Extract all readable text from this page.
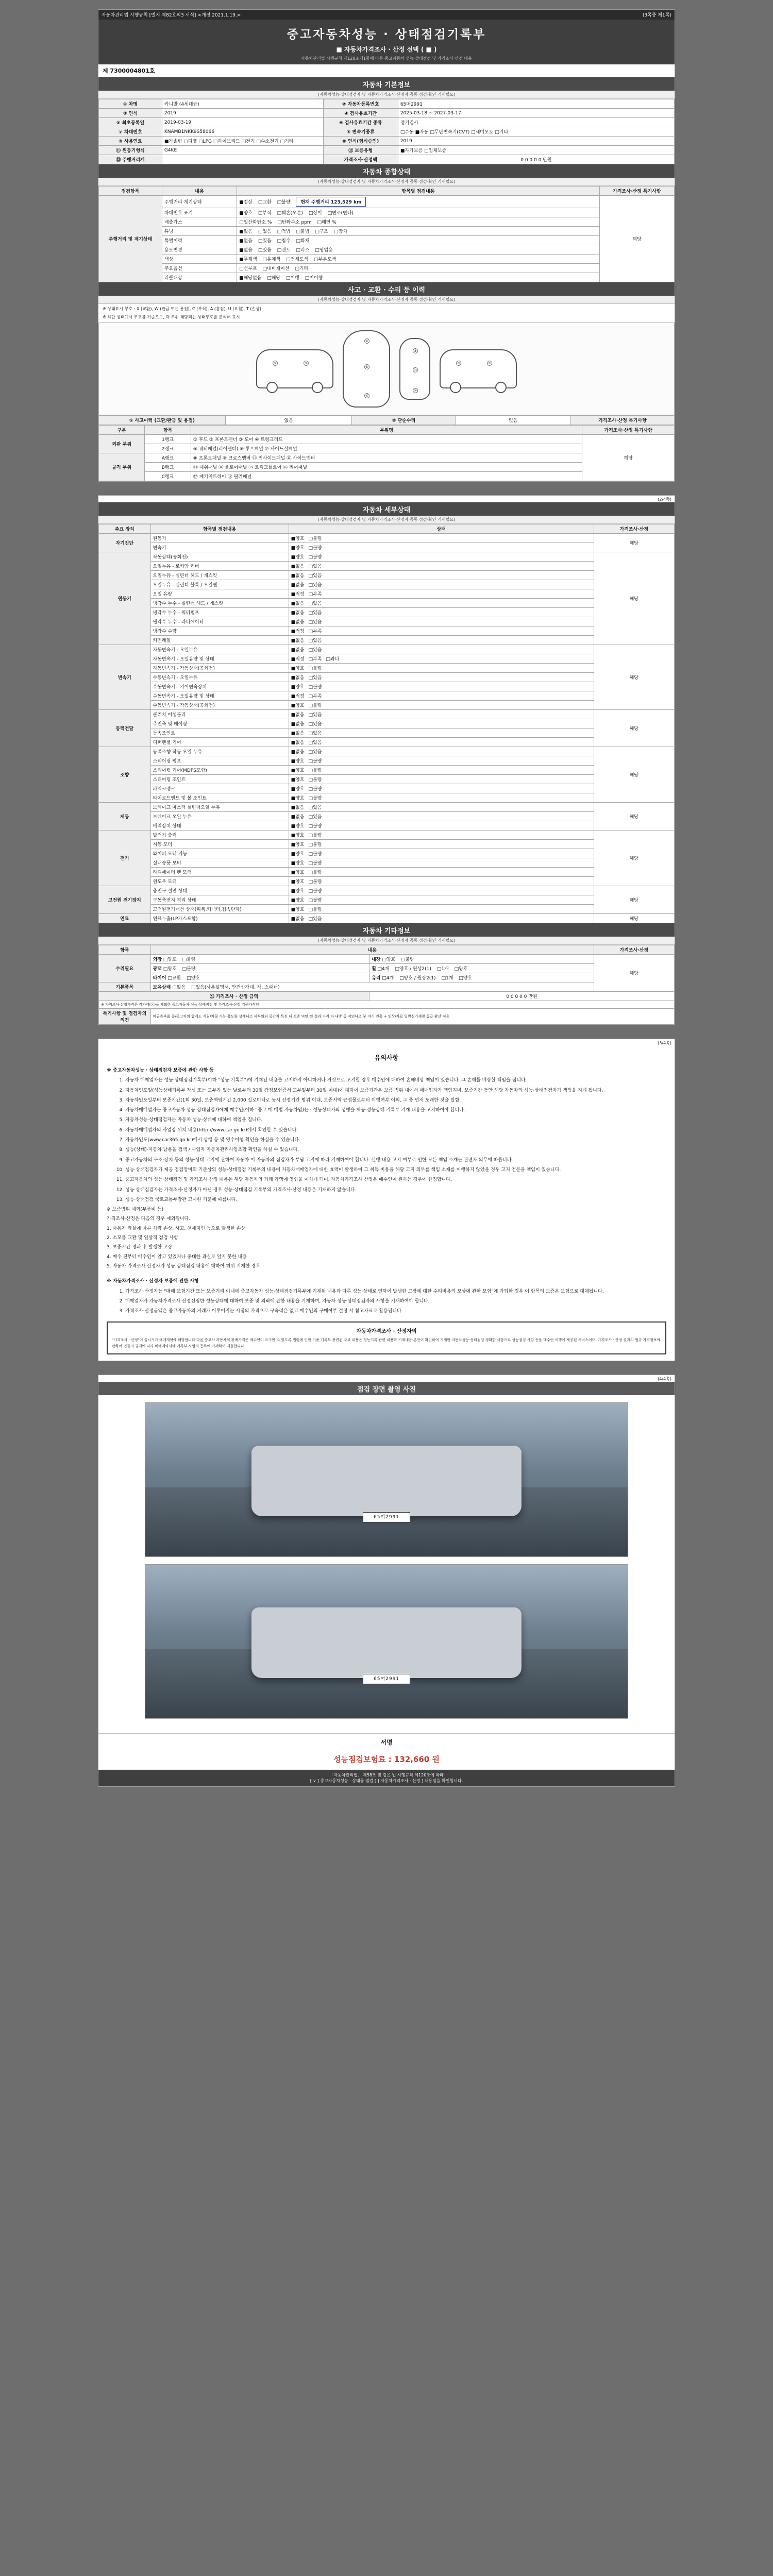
자동차관리법 시행규칙 [별지 제82호의3 서식] <개정 2021.1.19.>	(3쪽중 제1쪽)
중고자동차성능 · 상태점검기록부
■ 자동차가격조사 · 산정 선택 ( ■ )
자동차관리법 시행규칙 제120조제1항에 따른 중고자동차 성능·상태점검 및 가격조사·산정 내용
제 7300004801호
자동차 기본정보
(자동차성능·상태점검자 및 자동차가격조사·산정자 공통 점검·확인 기재필요)
① 차명	카니발 (4세대급)	② 자동차등록번호	65머2991
③ 연식	2019	④ 검사유효기간	2025-03-18 ~ 2027-03-17
⑤ 최초등록일	2019-03-19	⑥ 검사유효기간 종류	정기검사
⑦ 차대번호	KNAMB1NKK9S58066	⑧ 변속기종류	□수동 ■자동 □무단변속기(CVT) □세미오토 □기타
⑨ 사용연료	■가솔린 □디젤 □LPG □하이브리드 □전기 □수소전기 □기타	⑩ 연식(형식승인)	2019
⑪ 원동기형식	G4KE	⑫ 보증유형	■자가보증 □업체보증
⑬ 주행거리계		가격조사·산정액	0 0 0 0 0 만원
자동차 종합상태
(자동차성능·상태점검자 및 자동차가격조사·산정자 공통 점검·확인 기재필요)
점검항목	내용	항목별 점검내용	가격조사·산정 특기사항
주행거리 및 계기상태	주행거리 계기상태	■정상 □교환 □불량 현재 주행거리 123,529 km	해당
	차대번호 표기	■양호 □부식 □훼손(오손) □상이 □변조(변타)	
	배출가스	□일산화탄소 % □탄화수소 ppm □매연 %	
	튜닝	■없음 □있음 □적법 □불법 □구조 □장치	
	특별이력	■없음 □있음 □침수 □화재	
	용도변경	■없음 □있음 □렌트 □리스 □영업용	
	색상	■무채색 □유채색 □전체도색 □부분도색	
	주요옵션	□선루프 □내비게이션 □기타	
	리콜대상	■해당없음 □해당 □이행 □미이행	
사고 · 교환 · 수리 등 이력
(자동차성능·상태점검자 및 자동차가격조사·산정자 공통 점검·확인 기재필요)
※ 상태표시 부호 : X (교환), W (판금 또는 용접), C (부식), A (흠집), U (요철), T (손상)
※ 하단 상태표시 부호를 기준으로, 각 부위 해당되는 상태부호를 분석해 표시
③	⑤
①
⑥
④
⑧
⑭
⑯
③	⑤
① 사고이력 (교환/판금 및 용접)	없음	② 단순수리	없음	가격조사·산정 특기사항
구분	항목	부위명	가격조사·산정 특기사항
외판 부위	1랭크	① 후드 ② 프론트펜더 ③ 도어 ④ 트렁크리드	해당
	2랭크	⑤ 쿼터패널(리어펜더) ⑥ 루프패널 ⑦ 사이드실패널	
골격 부위	A랭크	⑧ 프론트패널 ⑨ 크로스멤버 ⑪ 인사이드패널 ⑫ 사이드멤버	
	B랭크	⑬ 대쉬패널 ⑭ 플로어패널 ⑮ 트렁크플로어 ⑯ 리어패널	
	C랭크	⑰ 패키지트레이 ⑱ 필러패널	
(2/4쪽)
자동차 세부상태
(자동차성능·상태점검자 및 자동차가격조사·산정자 공통 점검·확인 기재필요)
주요 장치	항목별 점검내용	상태	가격조사·산정
자기진단	원동기	■양호 □불량	해당
	변속기	■양호 □불량	
원동기	작동상태(공회전)	■양호 □불량	해당
	오일누유 - 로커암 커버	■없음 □있음	
	오일누유 - 실린더 헤드 / 개스킷	■없음 □있음	
	오일누유 - 실린더 블록 / 오일팬	■없음 □있음	
	오일 유량	■적정 □부족	
	냉각수 누수 - 실린더 헤드 / 개스킷	■없음 □있음	
	냉각수 누수 - 워터펌프	■없음 □있음	
	냉각수 누수 - 라디에이터	■없음 □있음	
	냉각수 수량	■적정 □부족	
	커먼레일	■없음 □있음	
변속기	자동변속기 - 오일누유	■없음 □있음	해당
	자동변속기 - 오일유량 및 상태	■적정 □부족 □과다	
	자동변속기 - 작동상태(공회전)	■양호 □불량	
	수동변속기 - 오일누유	■없음 □있음	
	수동변속기 - 기어변속장치	■양호 □불량	
	수동변속기 - 오일유량 및 상태	■적정 □부족	
	수동변속기 - 작동상태(공회전)	■양호 □불량	
동력전달	클러치 어셈블리	■없음 □있음	해당
	추진축 및 베어링	■없음 □있음	
	등속조인트	■없음 □있음	
	디퍼렌셜 기어	■없음 □있음	
조향	동력조향 작동 오일 누유	■없음 □있음	해당
	스티어링 펌프	■양호 □불량	
	스티어링 기어(MDPS포함)	■양호 □불량	
	스티어링 조인트	■양호 □불량	
	파워크랭크	■양호 □불량	
	타이로드엔드 및 볼 조인트	■양호 □불량	
제동	브레이크 마스터 실린더오일 누유	■없음 □있음	해당
	브레이크 오일 누유	■없음 □있음	
	배력장치 상태	■양호 □불량	
전기	발전기 출력	■양호 □불량	해당
	시동 모터	■양호 □불량	
	와이퍼 모터 기능	■양호 □불량	
	실내송풍 모터	■양호 □불량	
	라디에이터 팬 모터	■양호 □불량	
	윈도우 모터	■양호 □불량	
고전원 전기장치	충전구 절연 상태	■양호 □불량	해당
	구동축전지 격리 상태	■양호 □불량	
	고전원전기배선 상태(피복,커넥터,접속단자)	■양호 □불량	
연료	연료누출(LP가스포함)	■없음 □있음	해당
자동차 기타정보
(자동차성능·상태점검자 및 자동차가격조사·산정자 공통 점검·확인 기재필요)
항목	내용		가격조사·산정
수리필요	외장 □양호 □불량	내장 □양호 □불량	해당
	광택 □양호 □불량	휠 □4개 □양호 / 원상2(1) □1개 □양호	
	타이어 □교환 □양호	유리 □4개 □양호 / 원상2(1) □1개 □양호	
기본품목	보유상태 □없음 □있음(사용설명서, 안전삼각대, 잭, 스패너)		
㉓ 가격조사 · 산정 금액		0 0 0 0 0 만원	
※ 가격조사·산정가격은 감가액(ⓐ)을 제외한 중고자동차 성능·상태점검 및 가격조사·산정 기준가격임			
특기사항 및 점검자의 의견	비금속부품 중/중고차의 합계도 지침/차량 가능 용도량 상세니즈 세부의뢰 중간자 특진 내 보존 약만 된 결과 가격 자 내방 등 지연니즈 부 여기 인용 + 인상/자료 일반심기재양 등급 환산 적용		
(3/4쪽)
유의사항

※ 중고자동차성능 · 상태점검자 보증에 관한 사항 등

1. 자동차 매매업자는 성능·상태점검기록부(이하 "성능 기록부")에 기재된 내용을 고지하지 아니하거나 거짓으로 고지할 경우 매수인에 대하여 손해배상 책임이 있습니다. 그 손해를 배상할 책임을 집니다.
2. 자동차인도일(성능상태기록부 작성 또는 교부가 있는 날로부터 30일 감정보험증서 교부일부터 30일 이내)에 대하여 보증기간은 보증 범위 내에서 매매업자가 책임지며, 보증기간 동안 해당 자동차의 성능·상태점검자가 책임을 지게 됩니다.
3. 자동차인도일부터 보증기간(1회 30일, 보증책임기간 2,000 킬로미터로 동시 산정기간 범위 이내, 보증지역 근접물로부터 이행여부 이외, 그 중 먼저 도래한 것을 말함.
4. 자동차매매업자는 중고자동차 성능·상태점검자에게 매수인(이하 "중고 매 매법 자동차임)는 · 성능상태자의 성행을 제공·성능상태 기록부 기재 내용을 고지하여야 합니다.
5. 자동차성능·상태점검자는 자동차 성능·상태에 대하여 책임을 집니다.
6. 자동차매매업자의 사업장 위치 내용(http://www.car.go.kr)에서 확인할 수 있습니다.
7. 자동차인도(www.car365.go.kr)에서 상행 등 및 영수이행 확인을 하십을 수 있습니다.
8. 성능(상태)·자동차 남용을 검색 / 사업자 자동차관리사업조합 확인을 하실 수 있습니다.
9. 중고자동차의 구조·장치 등의 성능·상태 고지에 관하여 자동차 이 자동차의 점검자가 부담 고지에 따라 기재하여야 합니다. 실행 내용 고지 여부로 인한 모든 책임 소재는 관련자 의무에 따릅니다.
10. 성능·상태점검자가 제공 점검장비의 기준상의 성능·상태점검 기록부의 내용이 자동차매매업자에 대한 효력이 발생하여 그 취득 비용을 해당 고지 의무를 책임 소재를 이행하지 않았을 경우 고지 전문을 책임이 있습니다.
11. 중고자동차의 성능·상태점검 및 가격조사·산정 내용은 해당 자동차의 거래 가액에 영향을 미치게 되며, 자동차가격조사·산정은 매수인이 원하는 경우에 한정합니다.
12. 성능·상태점검자는 가격조사·산정자가 아닌 경우 성능·상태점검 기록부의 가격조사·산정 내용은 기재하지 않습니다.
13. 성능·상태점검 국토교통부장관 고시한 기준에 따릅니다.

※ 보증범위 제외(부품비 등)

가격조사·산정은 다음의 경우 제외됩니다.

1. 사용자 과실에 따른 차량 손상, 사고, 천재지변 등으로 발생한 손상

2. 소모품 교환 및 일상적 점검 사항

3. 보증기간 경과 후 발생한 고장

4. 매수 전부터 매수인이 알고 있었거나 중대한 과실로 알지 못한 내용

5. 자동차 가격조사·산정자가 성능·상태점검 내용에 대하여 허위 기재한 경우

※ 자동차가격조사 · 산정자 보증에 관한 사항

1. 가격조사·산정자는 "매매 보험기간 또는 보증거리 이내에 중고자동차 성능·상태점검기록부에 기재된 내용과 다른 성능·상태로 인하여 발생한 고장에 대한 수리비용의 보상에 관한 보험"에 가입한 경우 이 항목의 보증은 보험으로 대체됩니다.
2. 매매업자가 자동차가격조사·산정선임한 성능상태에 대하여 보증 및 의뢰에 관한 내용을 기재하며, 자동차 성능·상태점검자의 사항을 기재하여야 합니다.
3. 가격조사·산정금액은 중고자동차의 거래가 이루어지는 시점의 가격으로 구속력은 없고 매수인의 구매여부 결정 시 참고자료로 활용됩니다.
자동차가격조사 · 산정자의
"가격조사 · 산정"이 실시기가 매매게약에 해당합니다 다음 중고차 자동차의 판매가격은 매수인이 요구한 수 있도록 법령에 인한 기준 기록부 관련된 자료 내용은 성능기록 관련 내용과 기재내용·본인이 확인하여 기재한 자동차성능·상태점검 정확한 사항으로 성능점검 사항 등을 매수인 이행에 제공된 서비스이며, 가격조사 · 산정 결과의 법규 가격정보에 관하여 법률의 규제에 따라 매매계약서에 기록부 사업자 등록에 기재하여 제출합니다.
(4/4쪽)
점검 장면 촬영 사진
65머2991
65머2991
서명
성능점검보험료 : 132,660 원
「자동차관리법」 제58조 및 같은 법 시행규칙 제120조에 따라
[ ∨ ] 중고자동차성능 · 상태를 점검 [ ] 자동차가격조사 · 산정 ] 내용임을 확인합니다.
